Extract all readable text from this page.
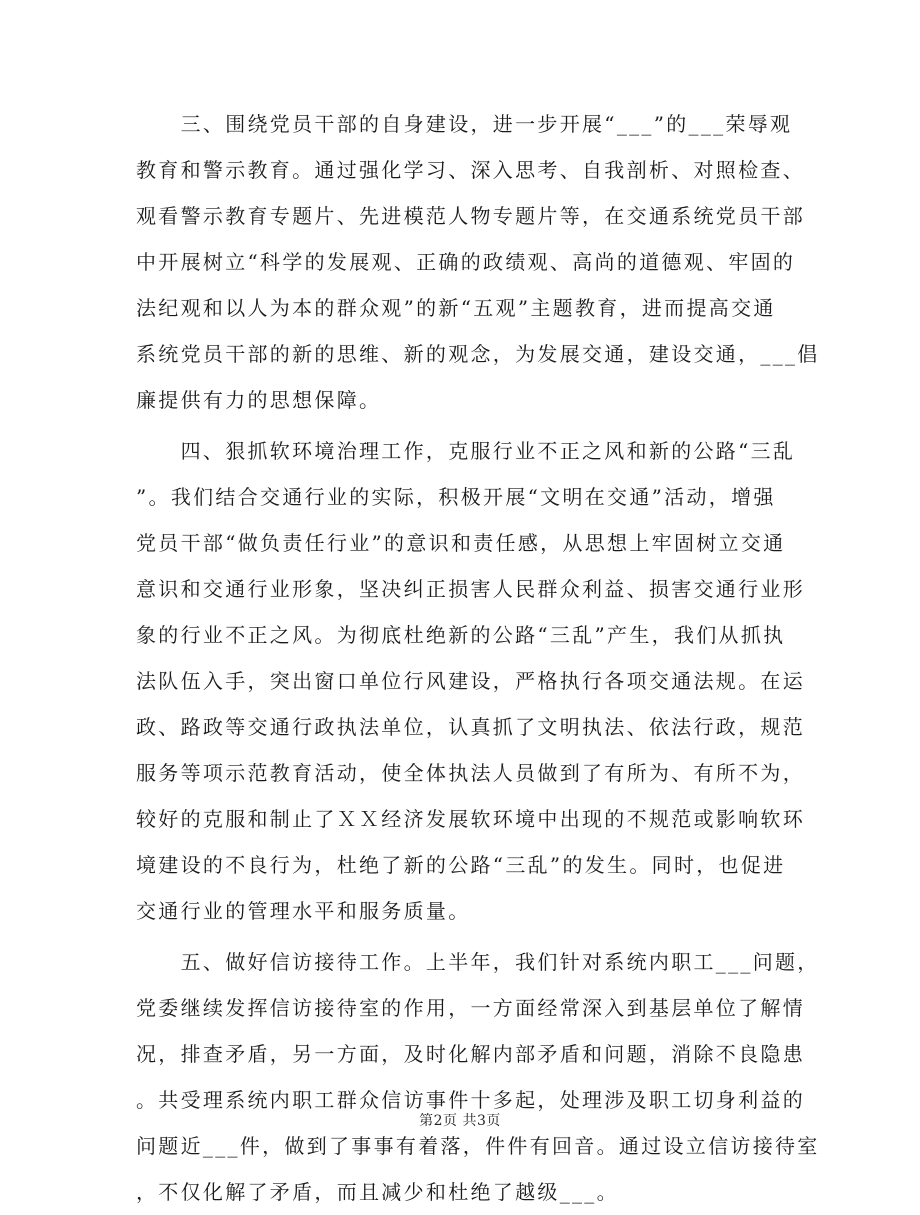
　　三、围绕党员干部的自身建设，进一步开展“___”的___荣辱观
教育和警示教育。通过强化学习、深入思考、自我剖析、对照检查、
观看警示教育专题片、先进模范人物专题片等，在交通系统党员干部
中开展树立“科学的发展观、正确的政绩观、高尚的道德观、牢固的
法纪观和以人为本的群众观”的新“五观”主题教育，进而提高交通
系统党员干部的新的思维、新的观念，为发展交通，建设交通，___倡
廉提供有力的思想保障。
　　四、狠抓软环境治理工作，克服行业不正之风和新的公路“三乱
”。我们结合交通行业的实际，积极开展“文明在交通”活动，增强
党员干部“做负责任行业”的意识和责任感，从思想上牢固树立交通
意识和交通行业形象，坚决纠正损害人民群众利益、损害交通行业形
象的行业不正之风。为彻底杜绝新的公路“三乱”产生，我们从抓执
法队伍入手，突出窗口单位行风建设，严格执行各项交通法规。在运
政、路政等交通行政执法单位，认真抓了文明执法、依法行政，规范
服务等项示范教育活动，使全体执法人员做到了有所为、有所不为，
较好的克服和制止了ＸＸ经济发展软环境中出现的不规范或影响软环
境建设的不良行为，杜绝了新的公路“三乱”的发生。同时，也促进
交通行业的管理水平和服务质量。
　　五、做好信访接待工作。上半年，我们针对系统内职工___问题，
党委继续发挥信访接待室的作用，一方面经常深入到基层单位了解情
况，排查矛盾，另一方面，及时化解内部矛盾和问题，消除不良隐患
。共受理系统内职工群众信访事件十多起，处理涉及职工切身利益的
问题近___件，做到了事事有着落，件件有回音。通过设立信访接待室
，不仅化解了矛盾，而且减少和杜绝了越级___。
第2页 共3页
